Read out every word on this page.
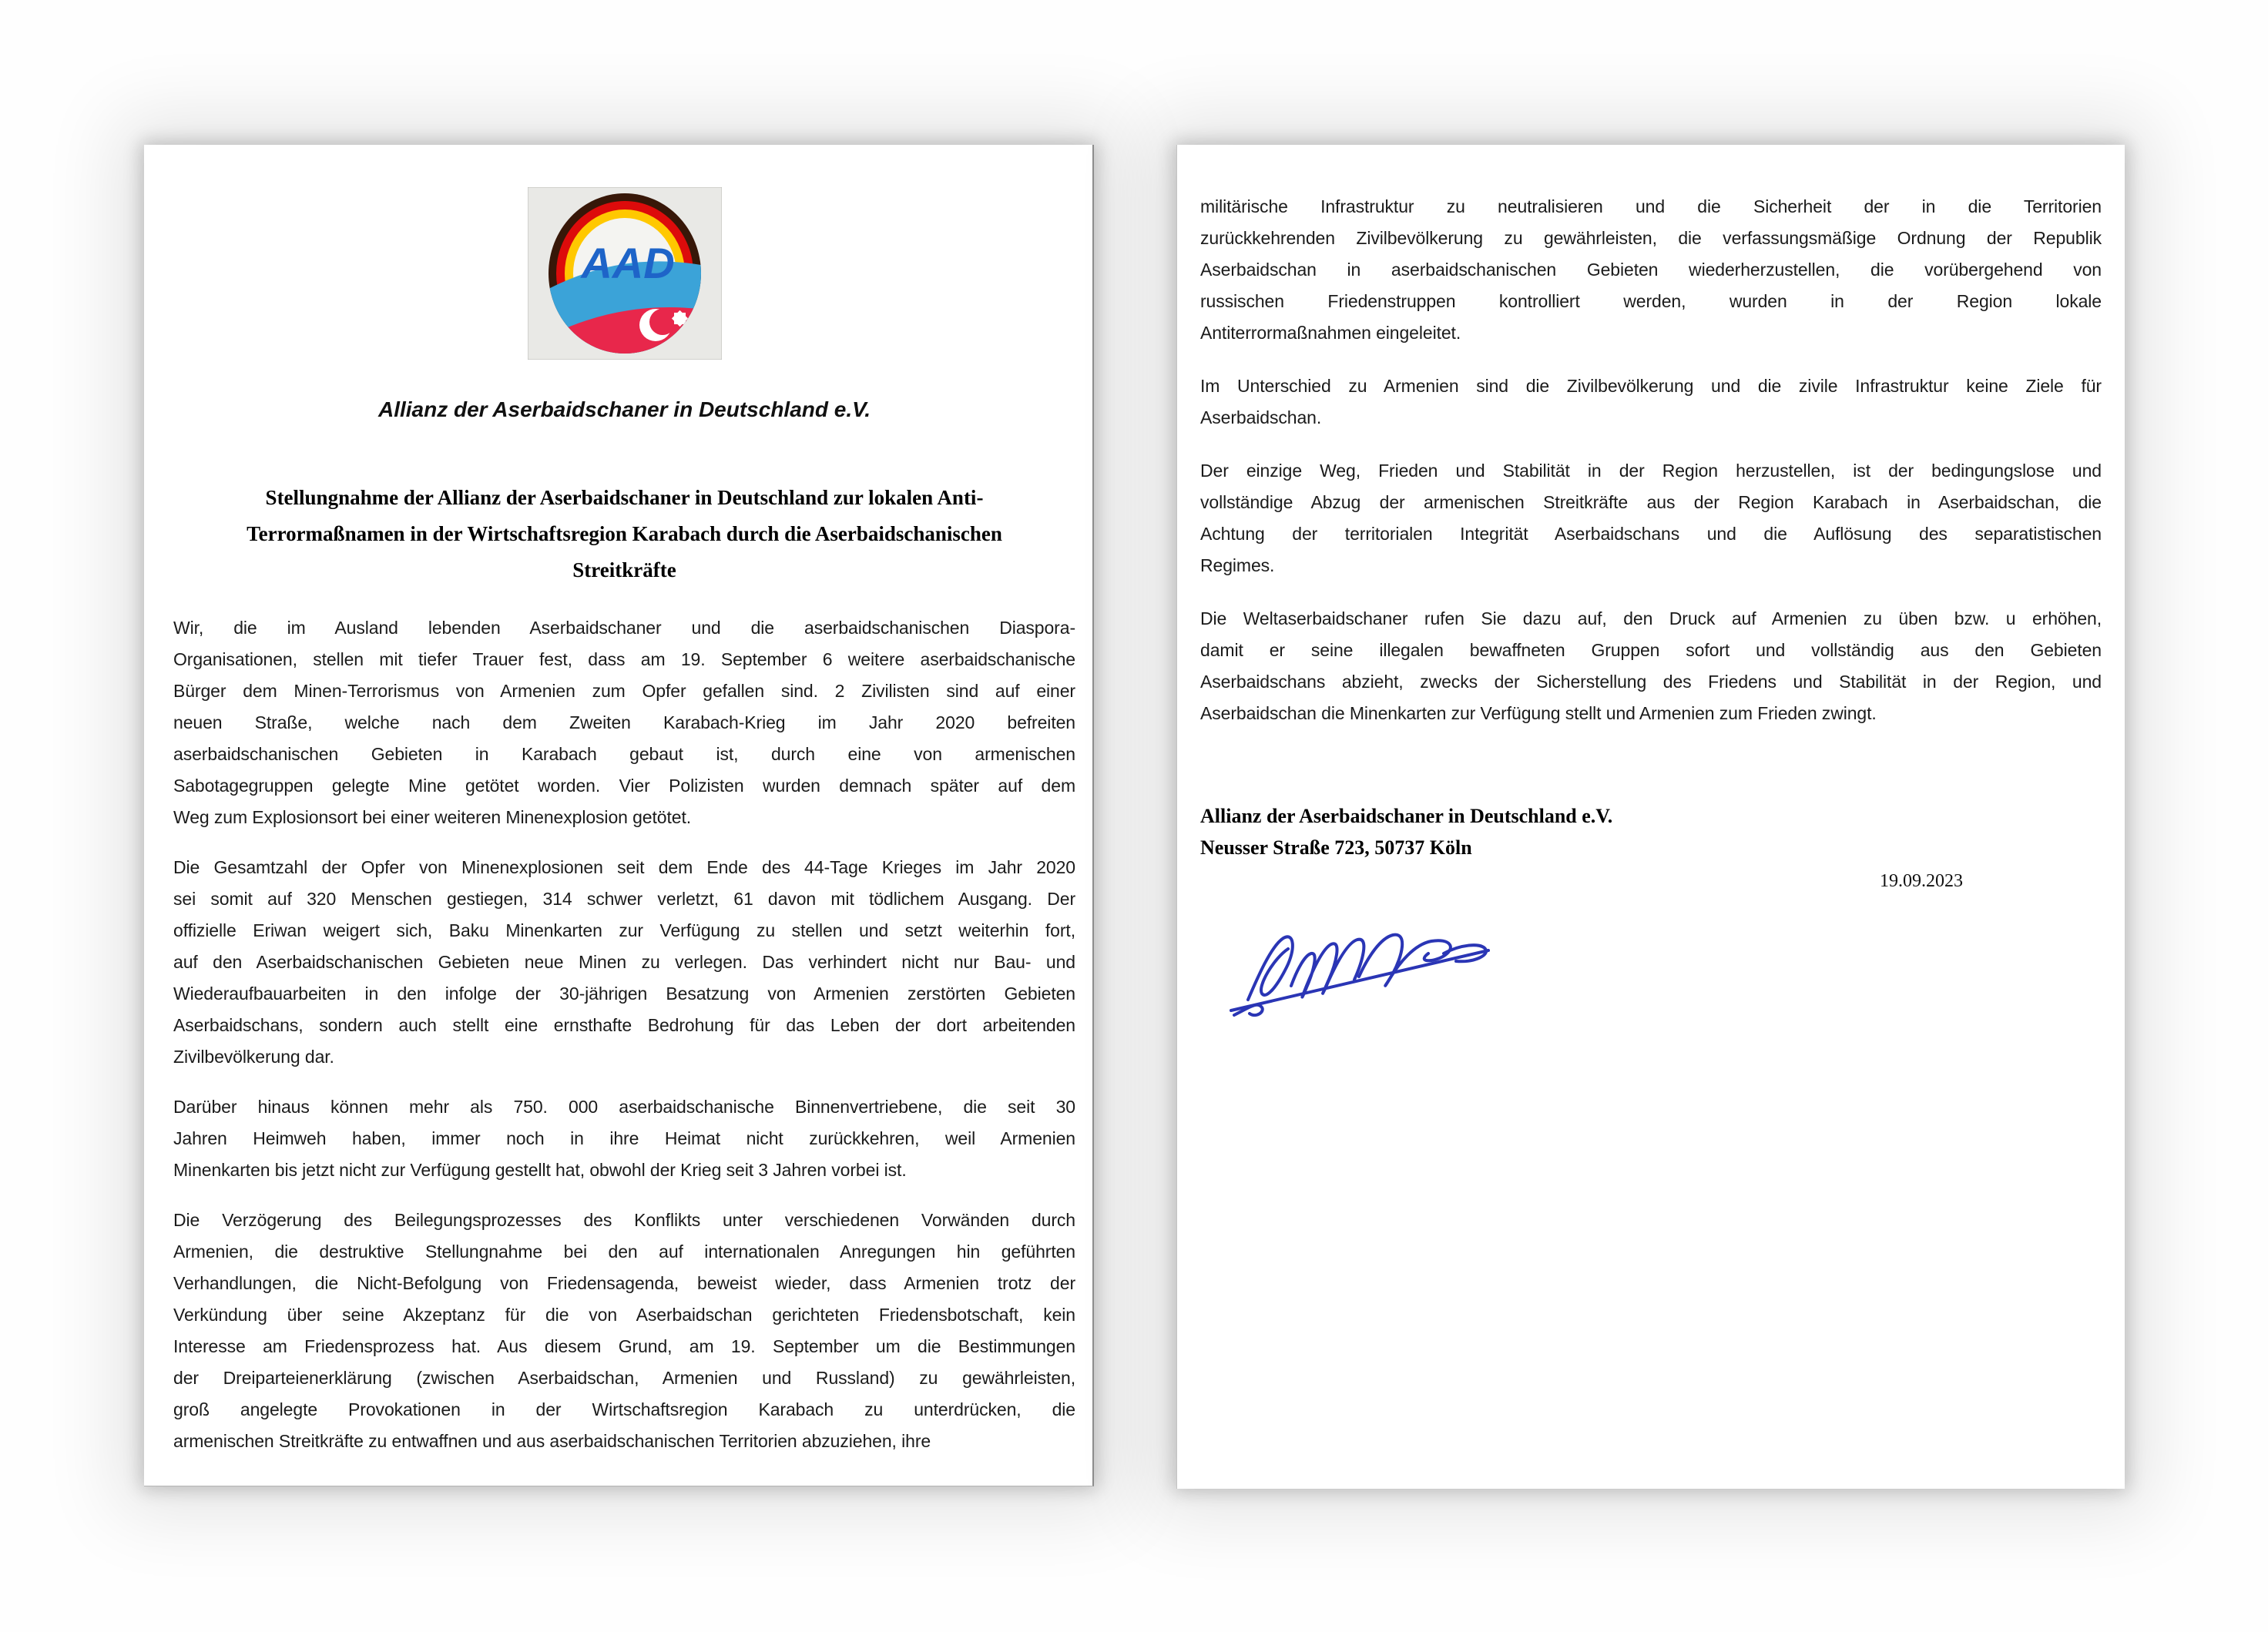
AAD
Allianz der Aserbaidschaner in Deutschland e.V.
Stellungnahme der Allianz der Aserbaidschaner in Deutschland zur lokalen Anti-
Terrormaßnamen in der Wirtschaftsregion Karabach durch die Aserbaidschanischen
Streitkräfte
Wir, die im Ausland lebenden Aserbaidschaner und die aserbaidschanischen Diaspora-
Organisationen, stellen mit tiefer Trauer fest, dass am 19. September 6 weitere aserbaidschanische
Bürger dem Minen-Terrorismus von Armenien zum Opfer gefallen sind. 2 Zivilisten sind auf einer
neuen Straße, welche nach dem Zweiten Karabach-Krieg im Jahr 2020 befreiten
aserbaidschanischen Gebieten in Karabach gebaut ist, durch eine von armenischen
Sabotagegruppen gelegte Mine getötet worden. Vier Polizisten wurden demnach später auf dem
Weg zum Explosionsort bei einer weiteren Minenexplosion getötet.
Die Gesamtzahl der Opfer von Minenexplosionen seit dem Ende des 44-Tage Krieges im Jahr 2020
sei somit auf 320 Menschen gestiegen, 314 schwer verletzt, 61 davon mit tödlichem Ausgang. Der
offizielle Eriwan weigert sich, Baku Minenkarten zur Verfügung zu stellen und setzt weiterhin fort,
auf den Aserbaidschanischen Gebieten neue Minen zu verlegen. Das verhindert nicht nur Bau- und
Wiederaufbauarbeiten in den infolge der 30-jährigen Besatzung von Armenien zerstörten Gebieten
Aserbaidschans, sondern auch stellt eine ernsthafte Bedrohung für das Leben der dort arbeitenden
Zivilbevölkerung dar.
Darüber hinaus können mehr als 750. 000 aserbaidschanische Binnenvertriebene, die seit 30
Jahren Heimweh haben, immer noch in ihre Heimat nicht zurückkehren, weil Armenien
Minenkarten bis jetzt nicht zur Verfügung gestellt hat, obwohl der Krieg seit 3 Jahren vorbei ist.
Die Verzögerung des Beilegungsprozesses des Konflikts unter verschiedenen Vorwänden durch
Armenien, die destruktive Stellungnahme bei den auf internationalen Anregungen hin geführten
Verhandlungen, die Nicht-Befolgung von Friedensagenda, beweist wieder, dass Armenien trotz der
Verkündung über seine Akzeptanz für die von Aserbaidschan gerichteten Friedensbotschaft, kein
Interesse am Friedensprozess hat. Aus diesem Grund, am 19. September um die Bestimmungen
der Dreiparteienerklärung (zwischen Aserbaidschan, Armenien und Russland) zu gewährleisten,
groß angelegte Provokationen in der Wirtschaftsregion Karabach zu unterdrücken, die
armenischen Streitkräfte zu entwaffnen und aus aserbaidschanischen Territorien abzuziehen, ihre
militärische Infrastruktur zu neutralisieren und die Sicherheit der in die Territorien
zurückkehrenden Zivilbevölkerung zu gewährleisten, die verfassungsmäßige Ordnung der Republik
Aserbaidschan in aserbaidschanischen Gebieten wiederherzustellen, die vorübergehend von
russischen Friedenstruppen kontrolliert werden, wurden in der Region lokale
Antiterrormaßnahmen eingeleitet.
Im Unterschied zu Armenien sind die Zivilbevölkerung und die zivile Infrastruktur keine Ziele für
Aserbaidschan.
Der einzige Weg, Frieden und Stabilität in der Region herzustellen, ist der bedingungslose und
vollständige Abzug der armenischen Streitkräfte aus der Region Karabach in Aserbaidschan, die
Achtung der territorialen Integrität Aserbaidschans und die Auflösung des separatistischen
Regimes.
Die Weltaserbaidschaner rufen Sie dazu auf, den Druck auf Armenien zu üben bzw. u erhöhen,
damit er seine illegalen bewaffneten Gruppen sofort und vollständig aus den Gebieten
Aserbaidschans abzieht, zwecks der Sicherstellung des Friedens und Stabilität in der Region, und
Aserbaidschan die Minenkarten zur Verfügung stellt und Armenien zum Frieden zwingt.
Allianz der Aserbaidschaner in Deutschland e.V.
Neusser Straße 723, 50737 Köln
19.09.2023
